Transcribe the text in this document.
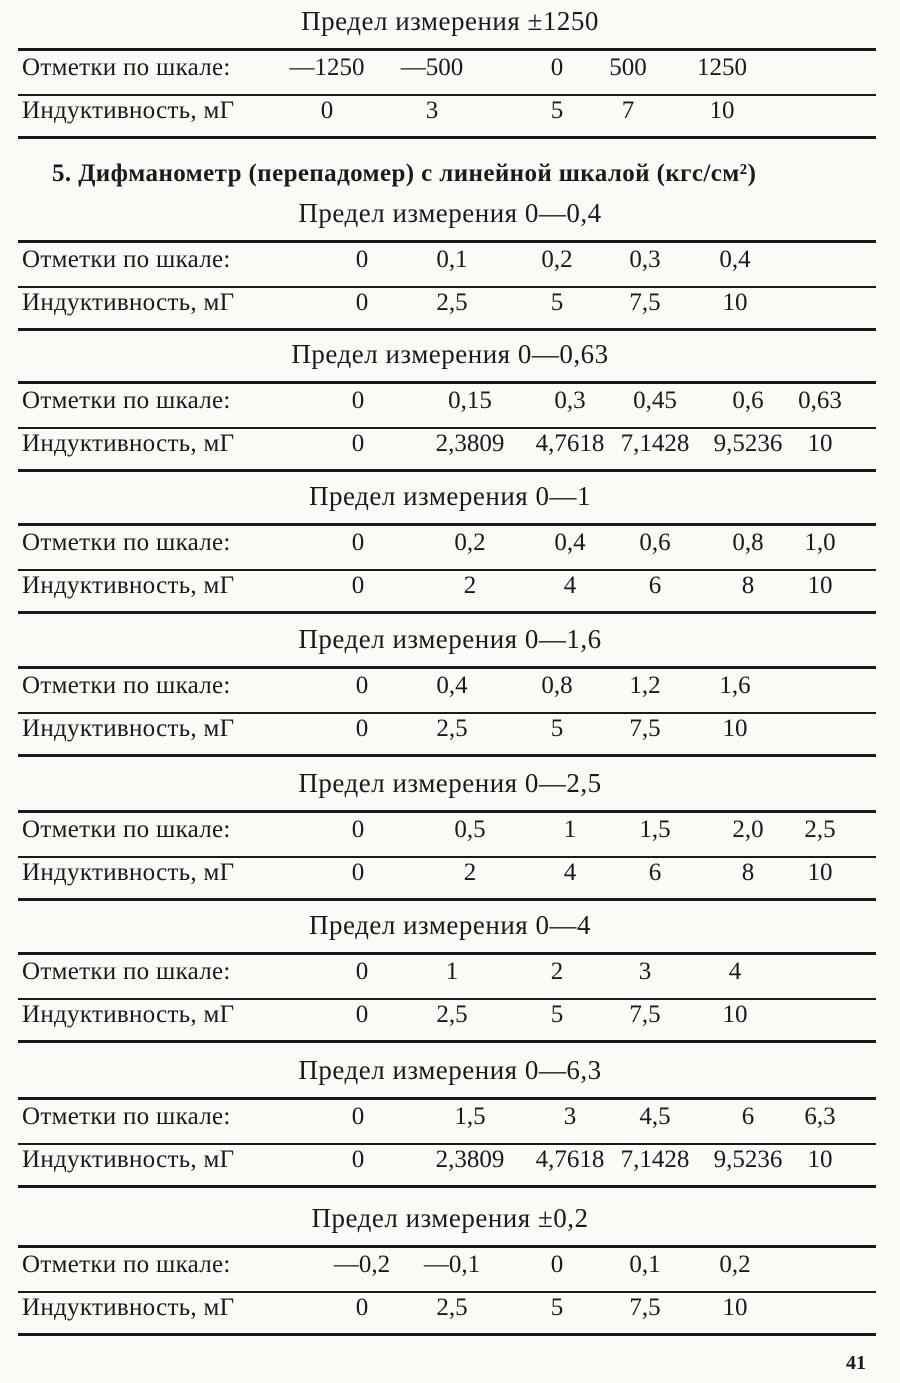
Предел измерения ±1250
Отметки по шкале: —1250 —500	0 500 1250
Индуктивность, мГ	0	3	5 7	10
Предел измерения 0—0,4
Отметки по шкале:	0	0,1	0,2 0,3 0,4
Индуктивность, мГ	0	2,5	5	7,5 10
Предел измерения 0—0,63
Отметки по шкале:	0	0,15	0,3 0,45 0,6 0,63
Индуктивность, мГ	0	2,3809 4,7618 7,1428 9,5236 10
Предел измерения 0—1
Отметки по шкале:	0	0,2	0,4 0,6 0,8 1,0
Индуктивность, мГ	0	2	4	6	8 10
Предел измерения 0—1,6
Отметки по шкале:	0	0,4	0,8 1,2 1,6
Индуктивность, мГ	0	2,5	5	7,5 10
Предел измерения 0—2,5
Отметки по шкале:	0	0,5	1	1,5 2,0 2,5
Индуктивность, мГ	0	2	4	6	8 10
Предел измерения 0—4
Отметки по шкале:	0	1	2	3	4
Индуктивность, мГ	0	2,5	5	7,5 10
Предел измерения 0—6,3
Отметки по шкале:	0	1,5	3	4,5	6 6,3
Индуктивность, мГ	0	2,3809 4,7618 7,1428 9,5236 10
Предел измерения ±0,2
Отметки по шкале:	—0,2 —0,1	0	0,1 0,2
Индуктивность, мГ	0	2,5	5	7,5 10
5. Дифманометр (перепадомер) с линейной шкалой (кгс/см²)
41
